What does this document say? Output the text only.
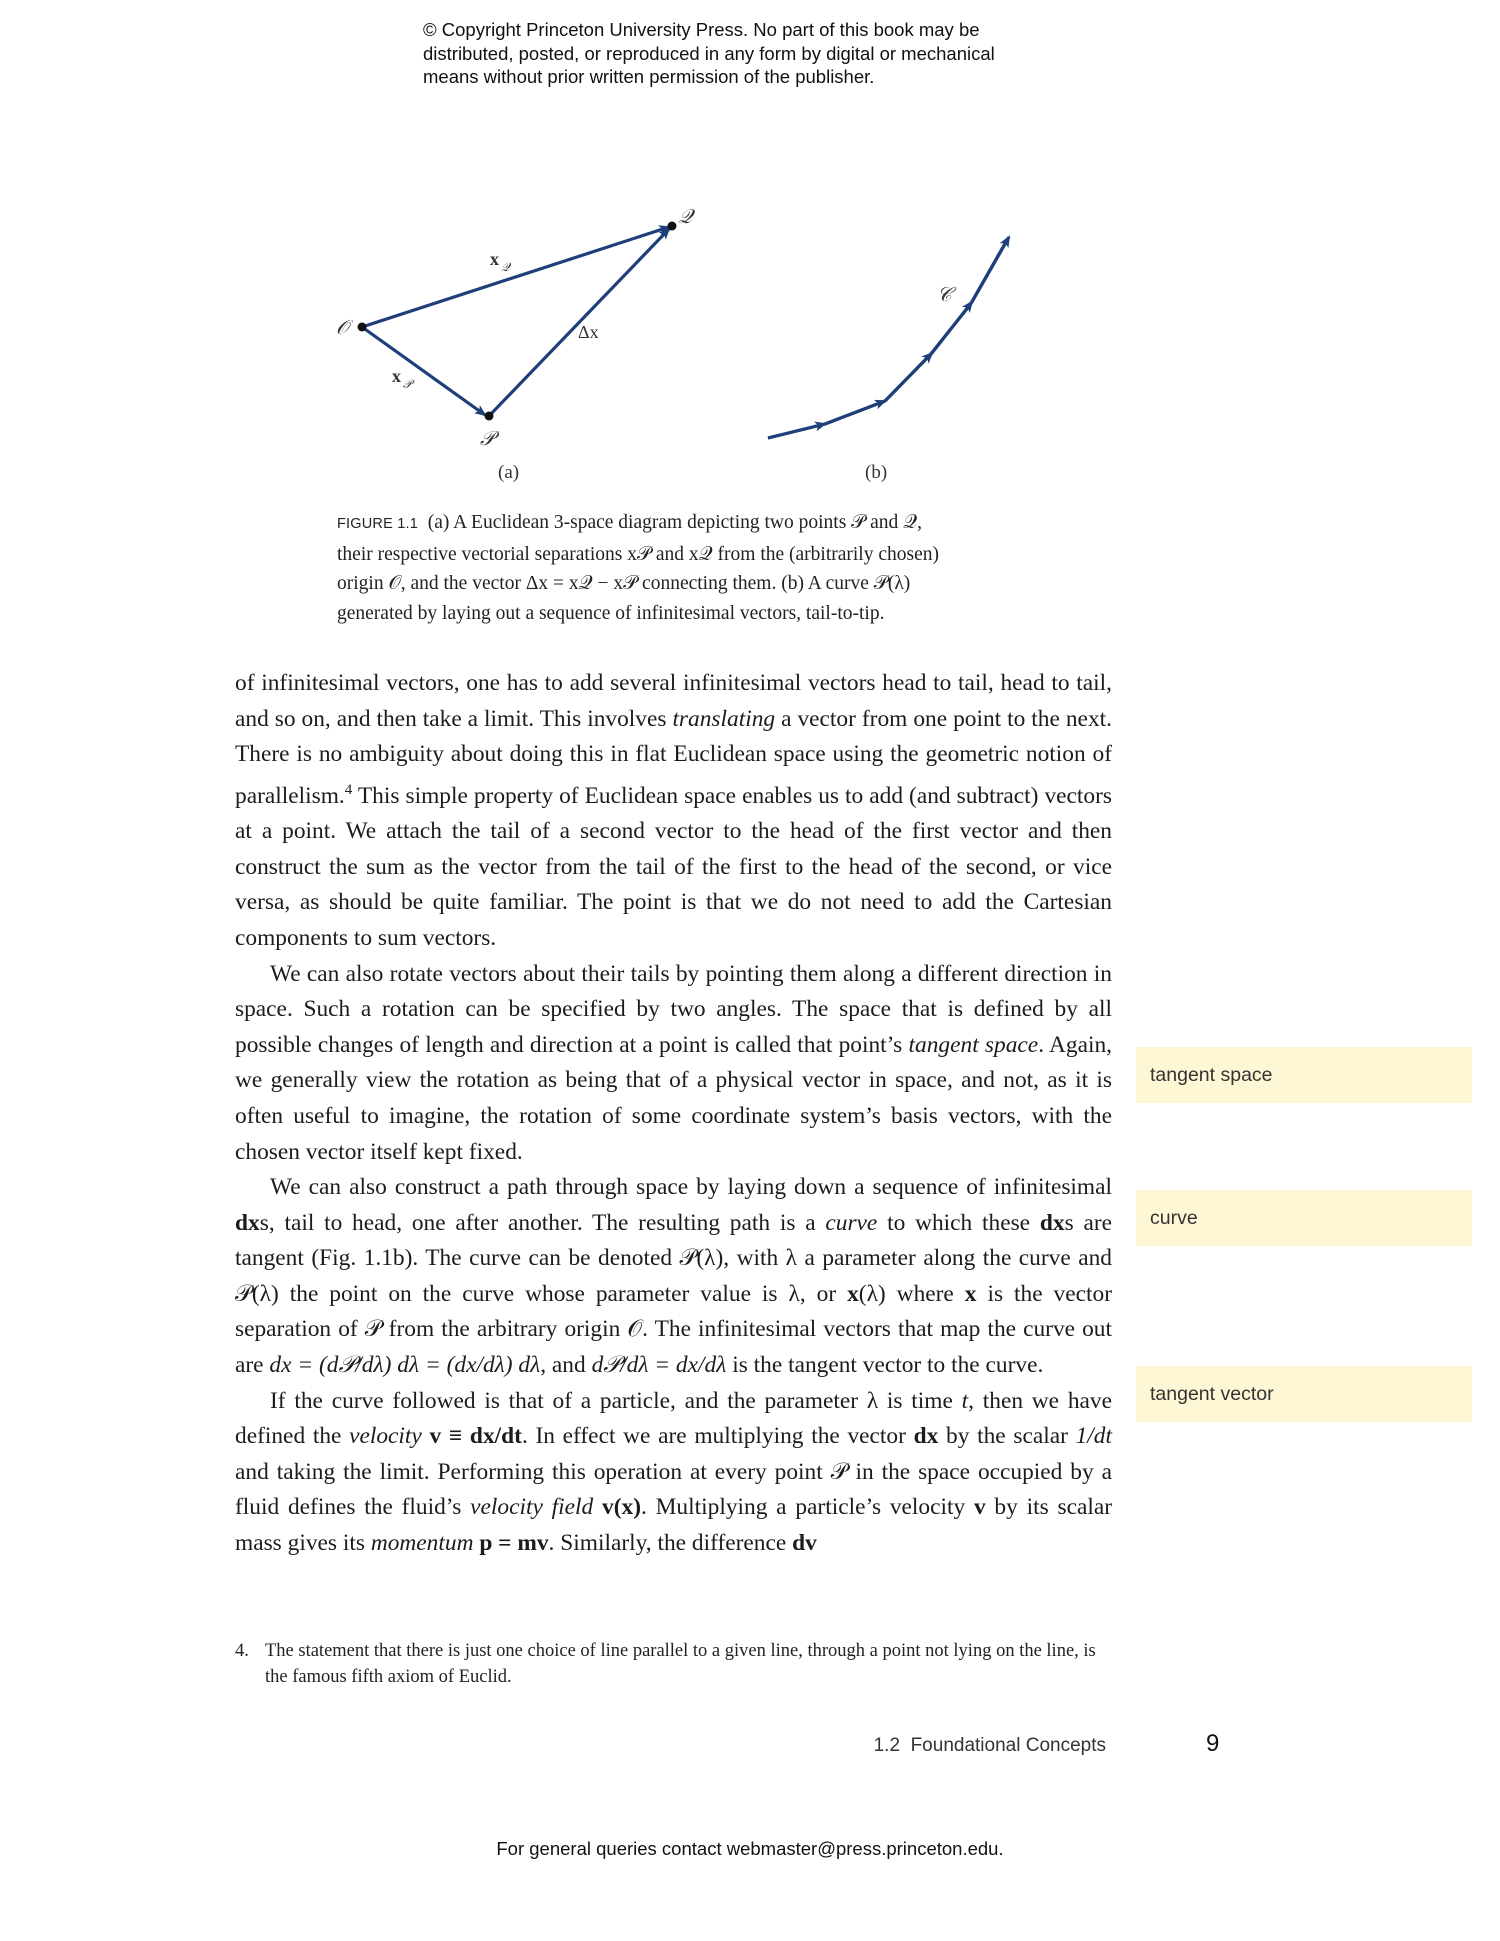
© Copyright Princeton University Press. No part of this book may be
distributed, posted, or reproduced in any form by digital or mechanical
means without prior written permission of the publisher.
𝒪
𝒫
𝒬
x 𝒬
x 𝒫
Δx
(a)
𝒞
(b)
FIGURE 1.1 (a) A Euclidean 3-space diagram depicting two points 𝒫 and 𝒬,
their respective vectorial separations x𝒫 and x𝒬 from the (arbitrarily chosen)
origin 𝒪, and the vector Δx = x𝒬 − x𝒫 connecting them. (b) A curve 𝒫(λ)
generated by laying out a sequence of infinitesimal vectors, tail-to-tip.

of infinitesimal vectors, one has to add several infinitesimal vectors head to tail, head to tail, and so on, and then take a limit. This involves translating a vector from one point to the next. There is no ambiguity about doing this in flat Euclidean space using the geometric notion of parallelism.$^4$ This simple property of Euclidean space enables us to add (and subtract) vectors at a point. We attach the tail of a second vector to the head of the first vector and then construct the sum as the vector from the tail of the first to the head of the second, or vice versa, as should be quite familiar. The point is that we do not need to add the Cartesian components to sum vectors.

We can also rotate vectors about their tails by pointing them along a different direction in space. Such a rotation can be specified by two angles. The space that is defined by all possible changes of length and direction at a point is called that point’s tangent space. Again, we generally view the rotation as being that of a physical vector in space, and not, as it is often useful to imagine, the rotation of some coordinate system’s basis vectors, with the chosen vector itself kept fixed.

We can also construct a path through space by laying down a sequence of infinitesimal dxs, tail to head, one after another. The resulting path is a curve to which these dxs are tangent (Fig. 1.1b). The curve can be denoted 𝒫(λ), with λ a parameter along the curve and 𝒫(λ) the point on the curve whose parameter value is λ, or x(λ) where x is the vector separation of 𝒫 from the arbitrary origin 𝒪. The infinitesimal vectors that map the curve out are dx = (d𝒫/dλ) dλ = (dx/dλ) dλ, and d𝒫/dλ = dx/dλ is the tangent vector to the curve.

If the curve followed is that of a particle, and the parameter λ is time t, then we have defined the velocity v ≡ dx/dt. In effect we are multiplying the vector dx by the scalar 1/dt and taking the limit. Performing this operation at every point 𝒫 in the space occupied by a fluid defines the fluid’s velocity field v(x). Multiplying a particle’s velocity v by its scalar mass gives its momentum p = mv. Similarly, the difference dv

tangent space
curve
tangent vector
4. The statement that there is just one choice of line parallel to a given line, through a point not lying on the line, is the famous fifth axiom of Euclid.
1.2  Foundational Concepts	9
For general queries contact webmaster@press.princeton.edu.
